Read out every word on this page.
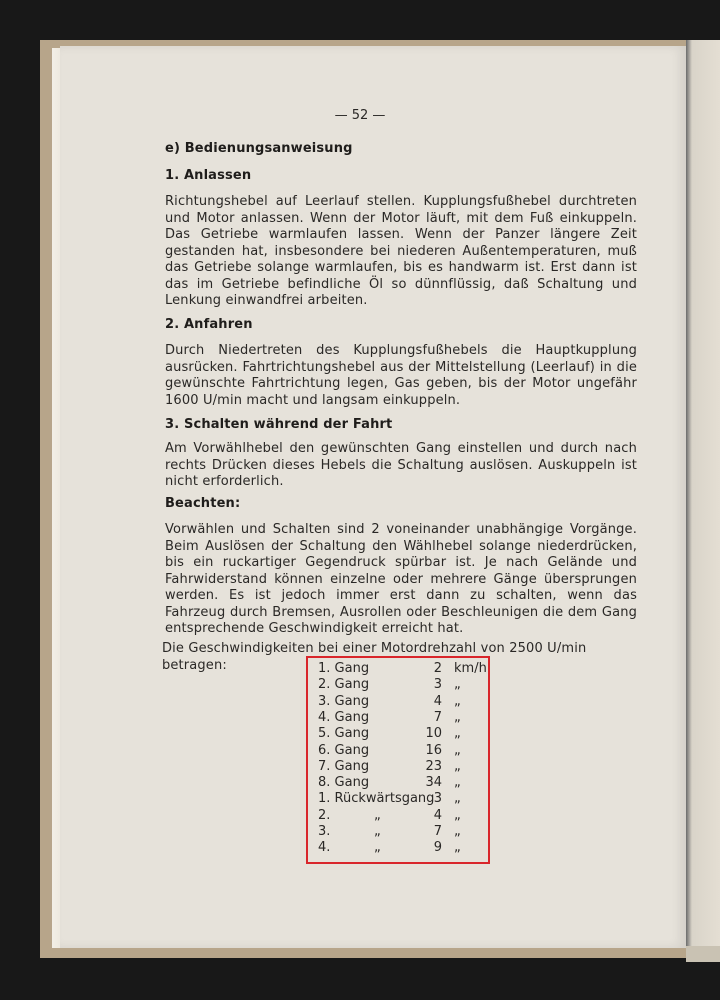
— 52 —
e) Bedienungsanweisung
1. Anlassen
Richtungshebel auf Leerlauf stellen. Kupplungsfußhebel durchtreten und Motor anlassen. Wenn der Motor läuft, mit dem Fuß einkuppeln. Das Getriebe warmlaufen lassen. Wenn der Panzer längere Zeit gestanden hat, insbesondere bei niederen Außentemperaturen, muß das Getriebe solange warmlaufen, bis es handwarm ist. Erst dann ist das im Getriebe befindliche Öl so dünnflüssig, daß Schaltung und Lenkung einwandfrei arbeiten.
2. Anfahren
Durch Niedertreten des Kupplungsfußhebels die Hauptkupplung ausrücken. Fahrtrichtungshebel aus der Mittelstellung (Leerlauf) in die gewünschte Fahrtrichtung legen, Gas geben, bis der Motor ungefähr 1600 U/min macht und langsam einkuppeln.
3. Schalten während der Fahrt
Am Vorwählhebel den gewünschten Gang einstellen und durch nach rechts Drücken dieses Hebels die Schaltung auslösen. Auskuppeln ist nicht erforderlich.
Beachten:
Vorwählen und Schalten sind 2 voneinander unabhängige Vorgänge. Beim Auslösen der Schaltung den Wählhebel solange niederdrücken, bis ein ruckartiger Gegendruck spürbar ist. Je nach Gelände und Fahrwiderstand können einzelne oder mehrere Gänge übersprungen werden. Es ist jedoch immer erst dann zu schalten, wenn das Fahrzeug durch Bremsen, Ausrollen oder Beschleunigen die dem Gang entsprechende Geschwindigkeit erreicht hat.
Die Geschwindigkeiten bei einer Motordrehzahl von 2500 U/min betragen:	1. Gang	2 km/h
2. Gang	3 „
3. Gang	4 „
4. Gang	7 „
5. Gang	10 „
6. Gang	16 „
7. Gang	23 „
8. Gang	34 „
1. Rückwärtsgang 3 „
2.	„	4 „
3.	„	7 „
4.	„	9 „
